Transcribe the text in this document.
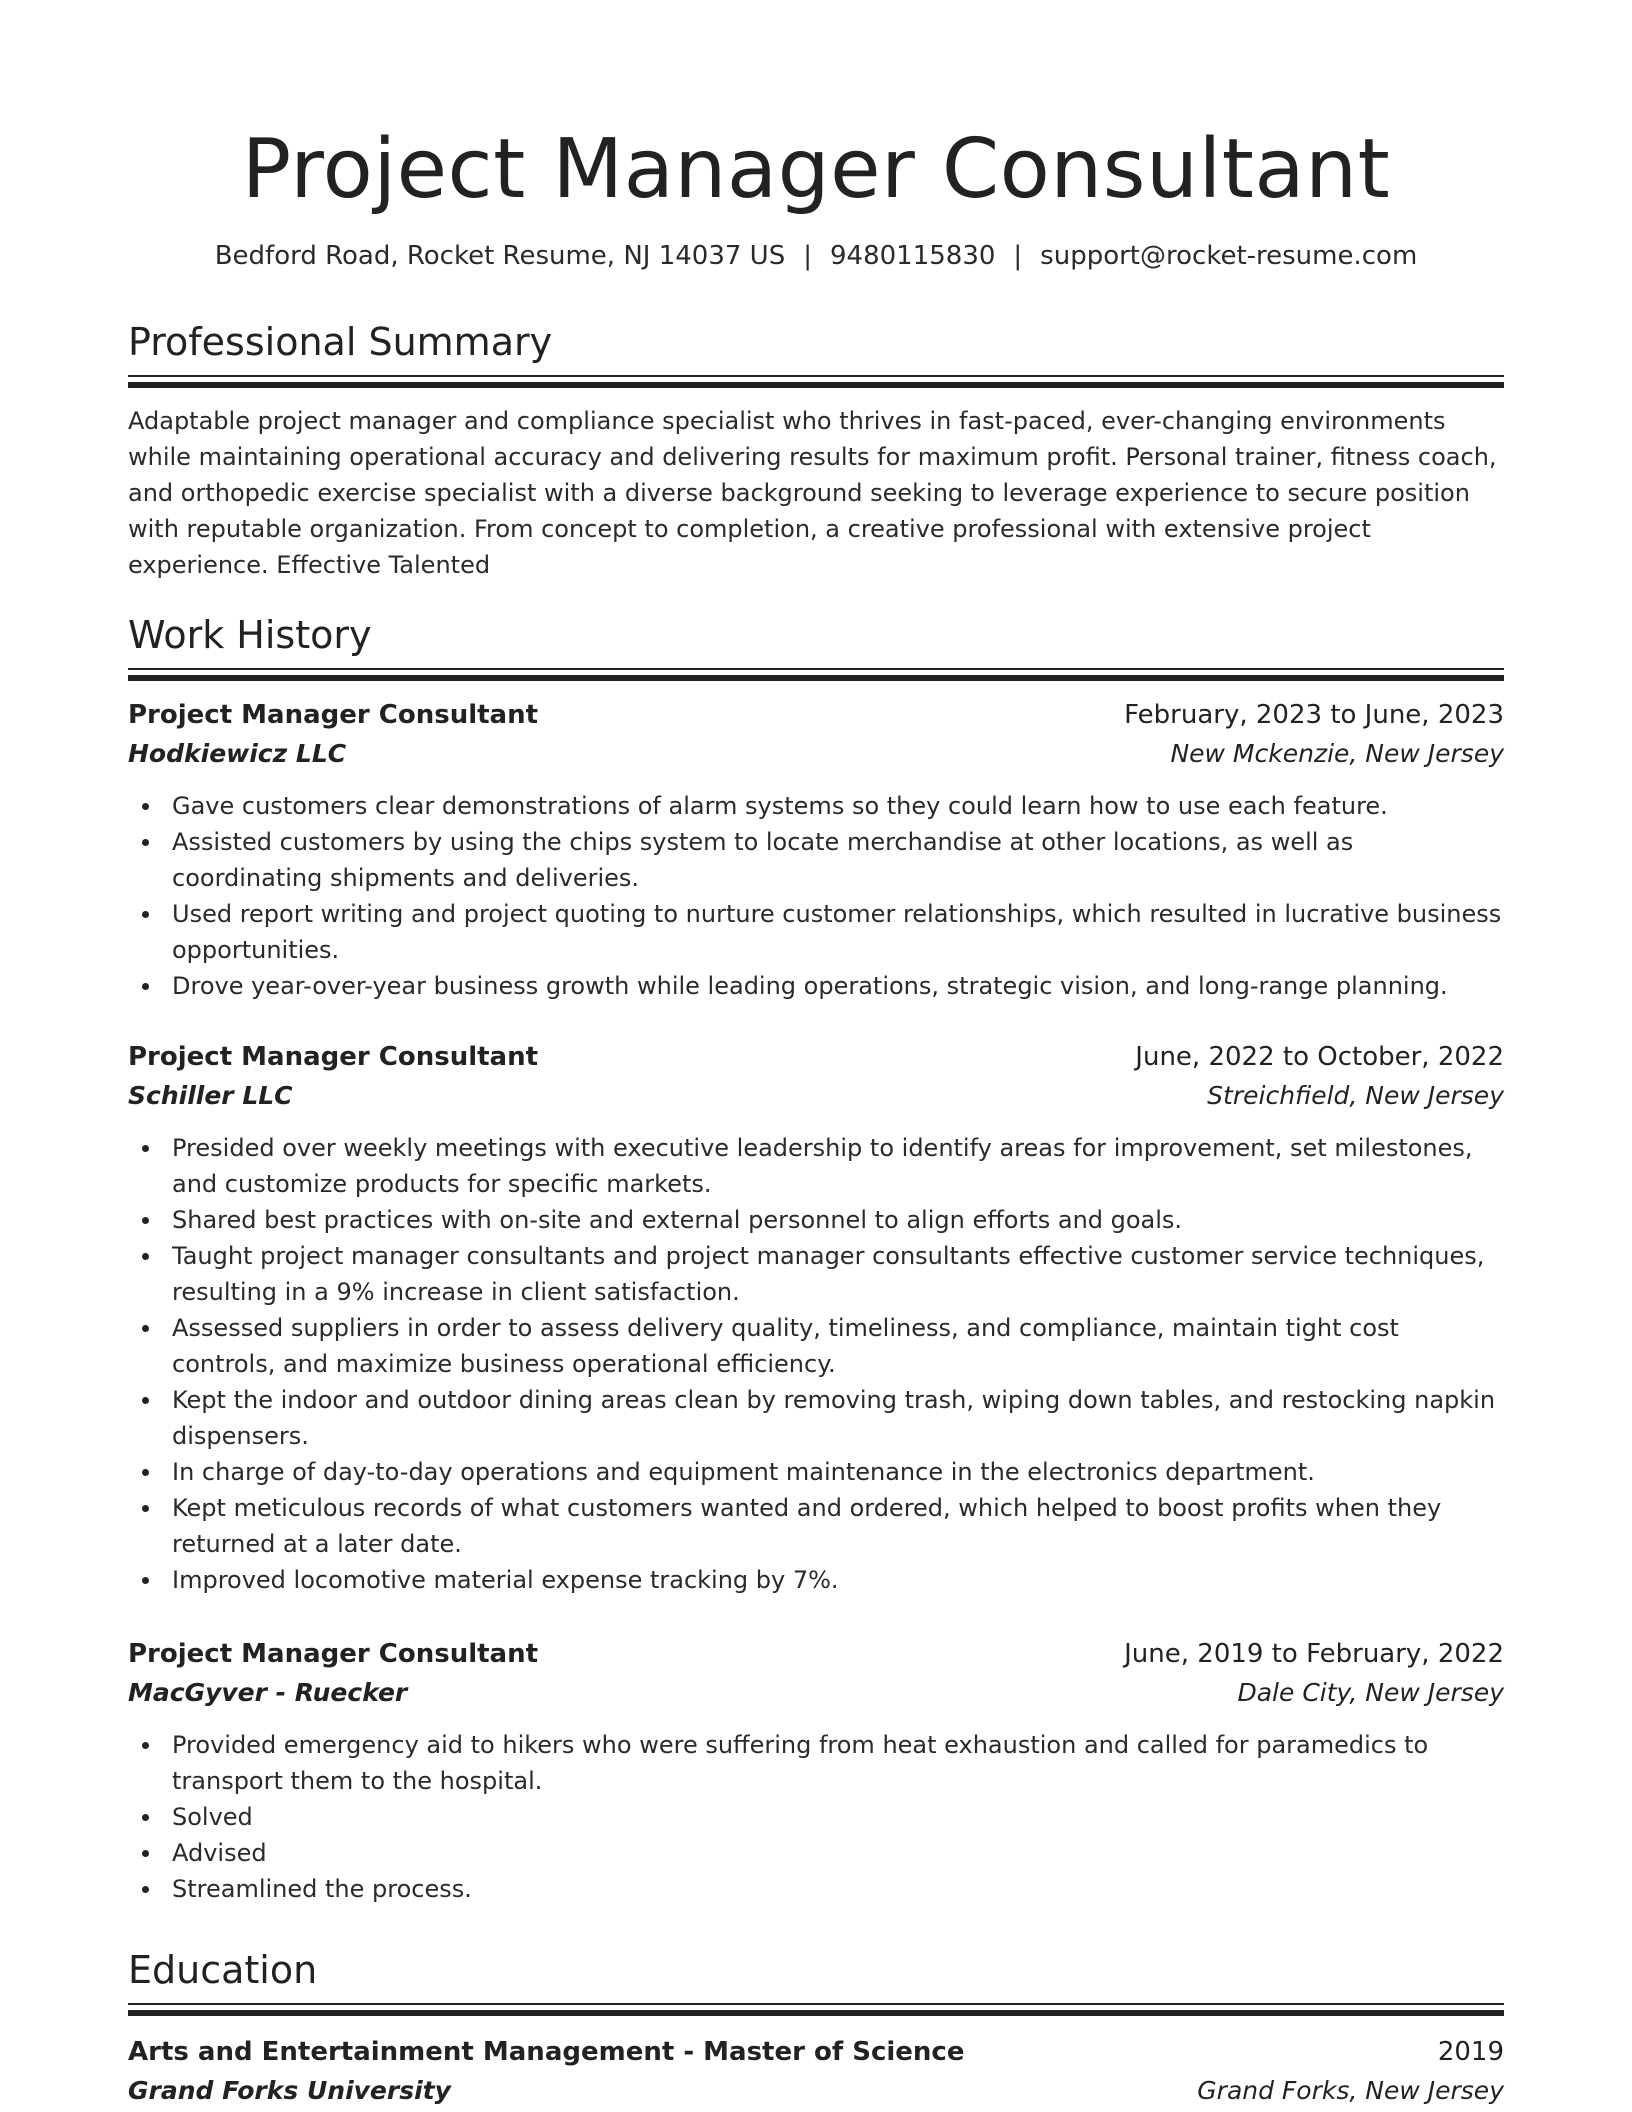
Project Manager Consultant
Bedford Road, Rocket Resume, NJ 14037 US | 9480115830 | support@rocket-resume.com
Professional Summary
Adaptable project manager and compliance specialist who thrives in fast-paced, ever-changing environments while maintaining operational accuracy and delivering results for maximum profit. Personal trainer, fitness coach, and orthopedic exercise specialist with a diverse background seeking to leverage experience to secure position with reputable organization. From concept to completion, a creative professional with extensive project experience. Effective Talented
Work History
Project Manager Consultant	February, 2023 to June, 2023
Hodkiewicz LLC	New Mckenzie, New Jersey
Gave customers clear demonstrations of alarm systems so they could learn how to use each feature.
Assisted customers by using the chips system to locate merchandise at other locations, as well as coordinating shipments and deliveries.
Used report writing and project quoting to nurture customer relationships, which resulted in lucrative business opportunities.
Drove year-over-year business growth while leading operations, strategic vision, and long-range planning.
Project Manager Consultant	June, 2022 to October, 2022
Schiller LLC	Streichfield, New Jersey
Presided over weekly meetings with executive leadership to identify areas for improvement, set milestones, and customize products for specific markets.
Shared best practices with on-site and external personnel to align efforts and goals.
Taught project manager consultants and project manager consultants effective customer service techniques, resulting in a 9% increase in client satisfaction.
Assessed suppliers in order to assess delivery quality, timeliness, and compliance, maintain tight cost controls, and maximize business operational efficiency.
Kept the indoor and outdoor dining areas clean by removing trash, wiping down tables, and restocking napkin dispensers.
In charge of day-to-day operations and equipment maintenance in the electronics department.
Kept meticulous records of what customers wanted and ordered, which helped to boost profits when they returned at a later date.
Improved locomotive material expense tracking by 7%.
Project Manager Consultant	June, 2019 to February, 2022
MacGyver - Ruecker	Dale City, New Jersey
Provided emergency aid to hikers who were suffering from heat exhaustion and called for paramedics to transport them to the hospital.
Solved
Advised
Streamlined the process.
Education
Arts and Entertainment Management - Master of Science	2019
Grand Forks University	Grand Forks, New Jersey
